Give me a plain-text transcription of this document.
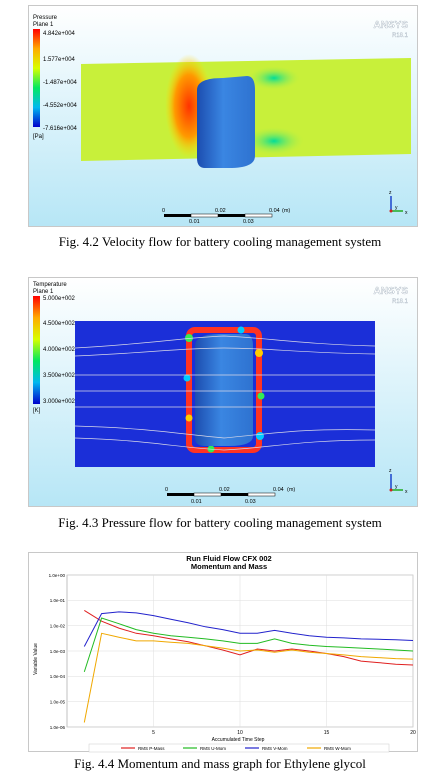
Pressure
Plane 1
4.842e+004
1.577e+004
-1.487e+004
-4.552e+004
-7.616e+004
[Pa]
ANSYS
R18.1
0	0.02	0.04 (m)
0.01	0.03
z
y
x
Fig. 4.2 Velocity flow for battery cooling management system
Temperature
Plane 1
5.000e+002
4.500e+002
4.000e+002
3.500e+002
3.000e+002
[K]
ANSYS
R18.1
0	0.02	0.04 (m)
0.01	0.03
z
y
x
Fig. 4.3 Pressure flow for battery cooling management system
Run Fluid Flow CFX 002
Momentum and Mass
Variable Value
Accumulated Time Step
1.0e-06
1.0e-05
1.0e-04
1.0e-03
1.0e-02
1.0e-01
1.0e+00
5	10	15	20
RMS P-Mass	RMS U-Mom	RMS V-Mom	RMS W-Mom
Fig. 4.4 Momentum and mass graph for Ethylene glycol
